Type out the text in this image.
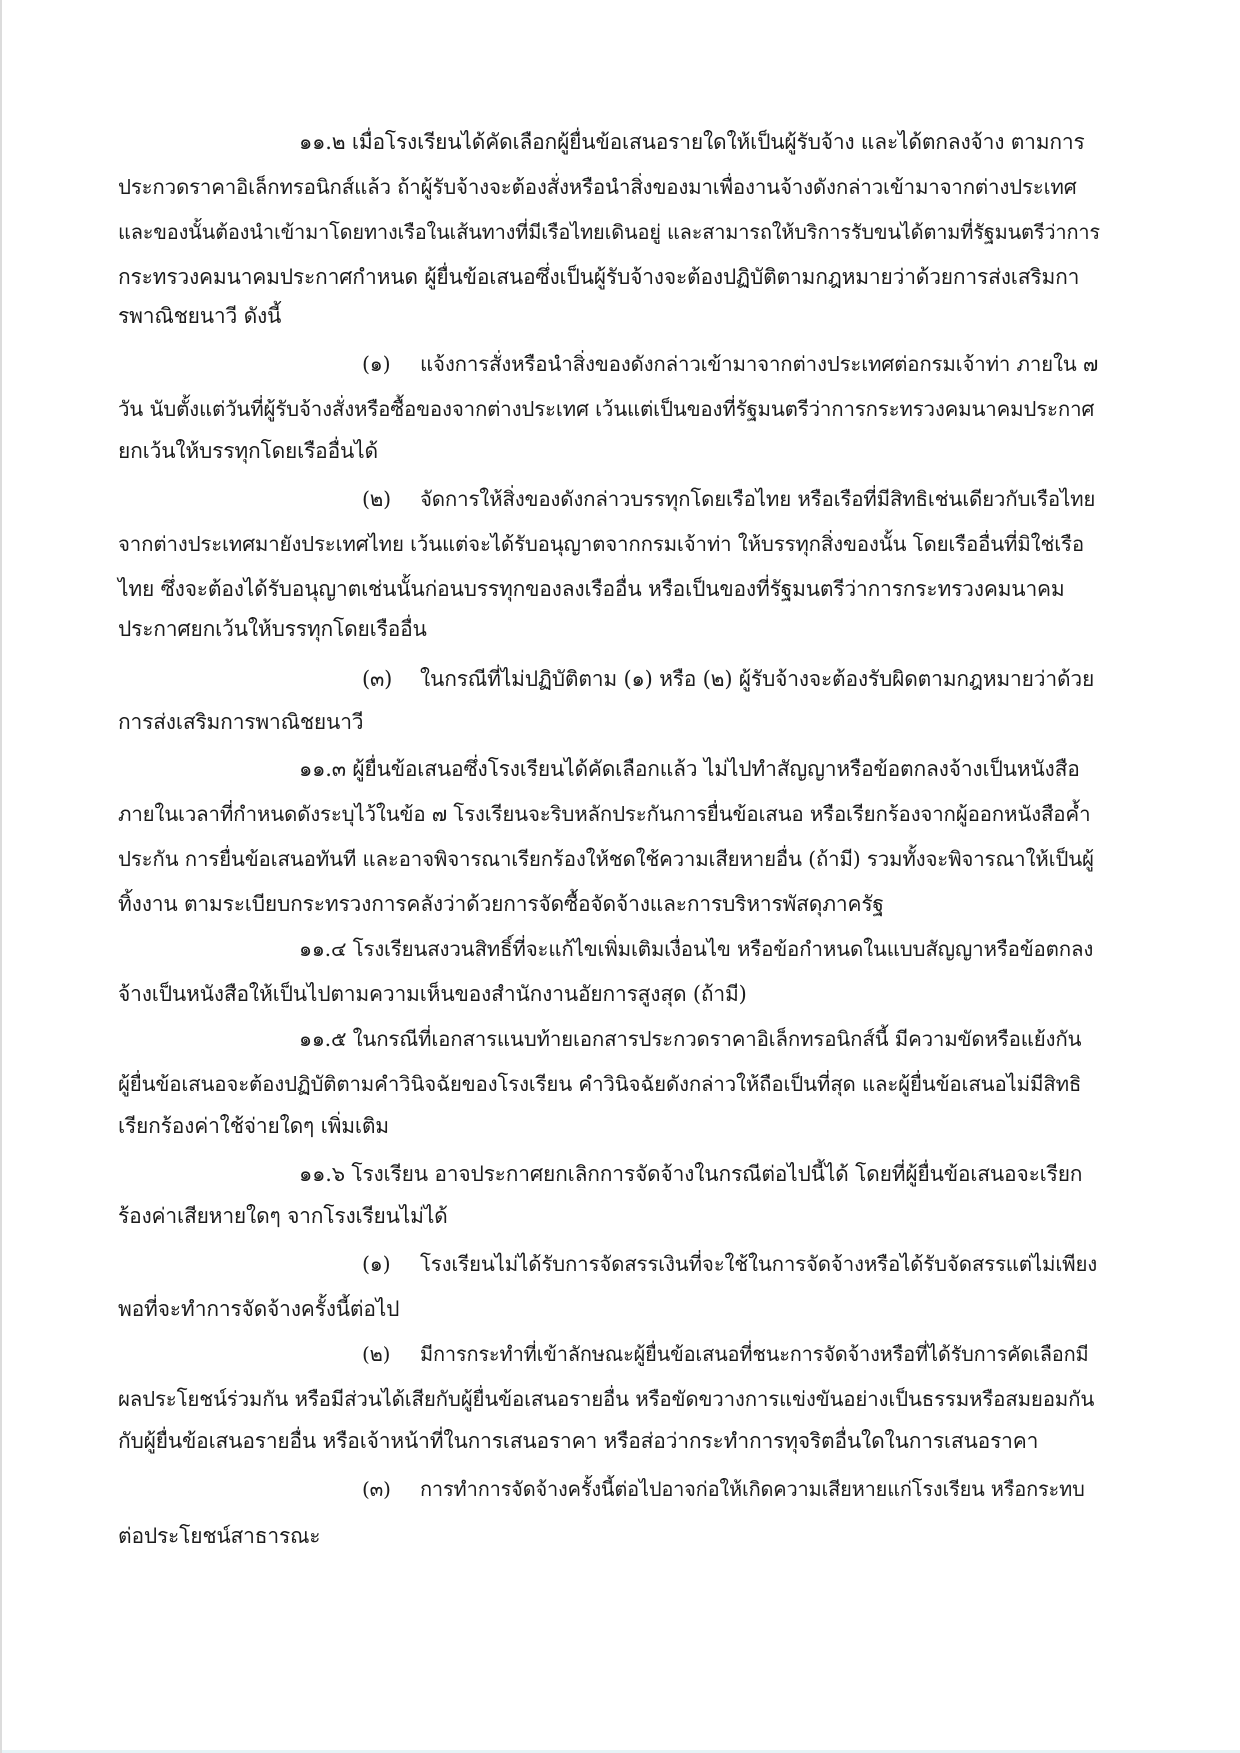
๑๑.๒ เมื่อโรงเรียนได้คัดเลือกผู้ยื่นข้อเสนอรายใดให้เป็นผู้รับจ้าง และได้ตกลงจ้าง ตามการ

ประกวดราคาอิเล็กทรอนิกส์แล้ว ถ้าผู้รับจ้างจะต้องสั่งหรือนำสิ่งของมาเพื่องานจ้างดังกล่าวเข้ามาจากต่างประเทศ

และของนั้นต้องนำเข้ามาโดยทางเรือในเส้นทางที่มีเรือไทยเดินอยู่ และสามารถให้บริการรับขนได้ตามที่รัฐมนตรีว่าการ

กระทรวงคมนาคมประกาศกำหนด ผู้ยื่นข้อเสนอซึ่งเป็นผู้รับจ้างจะต้องปฏิบัติตามกฎหมายว่าด้วยการส่งเสริมกา

รพาณิชยนาวี ดังนี้

(๑) แจ้งการสั่งหรือนำสิ่งของดังกล่าวเข้ามาจากต่างประเทศต่อกรมเจ้าท่า ภายใน ๗

วัน นับตั้งแต่วันที่ผู้รับจ้างสั่งหรือซื้อของจากต่างประเทศ เว้นแต่เป็นของที่รัฐมนตรีว่าการกระทรวงคมนาคมประกาศ

ยกเว้นให้บรรทุกโดยเรืออื่นได้

(๒) จัดการให้สิ่งของดังกล่าวบรรทุกโดยเรือไทย หรือเรือที่มีสิทธิเช่นเดียวกับเรือไทย

จากต่างประเทศมายังประเทศไทย เว้นแต่จะได้รับอนุญาตจากกรมเจ้าท่า ให้บรรทุกสิ่งของนั้น โดยเรืออื่นที่มิใช่เรือ

ไทย ซึ่งจะต้องได้รับอนุญาตเช่นนั้นก่อนบรรทุกของลงเรืออื่น หรือเป็นของที่รัฐมนตรีว่าการกระทรวงคมนาคม

ประกาศยกเว้นให้บรรทุกโดยเรืออื่น

(๓) ในกรณีที่ไม่ปฏิบัติตาม (๑) หรือ (๒) ผู้รับจ้างจะต้องรับผิดตามกฎหมายว่าด้วย

การส่งเสริมการพาณิชยนาวี

๑๑.๓ ผู้ยื่นข้อเสนอซึ่งโรงเรียนได้คัดเลือกแล้ว ไม่ไปทำสัญญาหรือข้อตกลงจ้างเป็นหนังสือ

ภายในเวลาที่กำหนดดังระบุไว้ในข้อ ๗ โรงเรียนจะริบหลักประกันการยื่นข้อเสนอ หรือเรียกร้องจากผู้ออกหนังสือค้ำ

ประกัน การยื่นข้อเสนอทันที และอาจพิจารณาเรียกร้องให้ชดใช้ความเสียหายอื่น (ถ้ามี) รวมทั้งจะพิจารณาให้เป็นผู้

ทิ้งงาน ตามระเบียบกระทรวงการคลังว่าด้วยการจัดซื้อจัดจ้างและการบริหารพัสดุภาครัฐ

๑๑.๔ โรงเรียนสงวนสิทธิ์ที่จะแก้ไขเพิ่มเติมเงื่อนไข หรือข้อกำหนดในแบบสัญญาหรือข้อตกลง

จ้างเป็นหนังสือให้เป็นไปตามความเห็นของสำนักงานอัยการสูงสุด (ถ้ามี)

๑๑.๕ ในกรณีที่เอกสารแนบท้ายเอกสารประกวดราคาอิเล็กทรอนิกส์นี้ มีความขัดหรือแย้งกัน

ผู้ยื่นข้อเสนอจะต้องปฏิบัติตามคำวินิจฉัยของโรงเรียน คำวินิจฉัยดังกล่าวให้ถือเป็นที่สุด และผู้ยื่นข้อเสนอไม่มีสิทธิ

เรียกร้องค่าใช้จ่ายใดๆ เพิ่มเติม

๑๑.๖ โรงเรียน อาจประกาศยกเลิกการจัดจ้างในกรณีต่อไปนี้ได้ โดยที่ผู้ยื่นข้อเสนอจะเรียก

ร้องค่าเสียหายใดๆ จากโรงเรียนไม่ได้

(๑) โรงเรียนไม่ได้รับการจัดสรรเงินที่จะใช้ในการจัดจ้างหรือได้รับจัดสรรแต่ไม่เพียง

พอที่จะทำการจัดจ้างครั้งนี้ต่อไป

(๒) มีการกระทำที่เข้าลักษณะผู้ยื่นข้อเสนอที่ชนะการจัดจ้างหรือที่ได้รับการคัดเลือกมี

ผลประโยชน์ร่วมกัน หรือมีส่วนได้เสียกับผู้ยื่นข้อเสนอรายอื่น หรือขัดขวางการแข่งขันอย่างเป็นธรรมหรือสมยอมกัน

กับผู้ยื่นข้อเสนอรายอื่น หรือเจ้าหน้าที่ในการเสนอราคา หรือส่อว่ากระทำการทุจริตอื่นใดในการเสนอราคา

(๓) การทำการจัดจ้างครั้งนี้ต่อไปอาจก่อให้เกิดความเสียหายแก่โรงเรียน หรือกระทบ

ต่อประโยชน์สาธารณะ
